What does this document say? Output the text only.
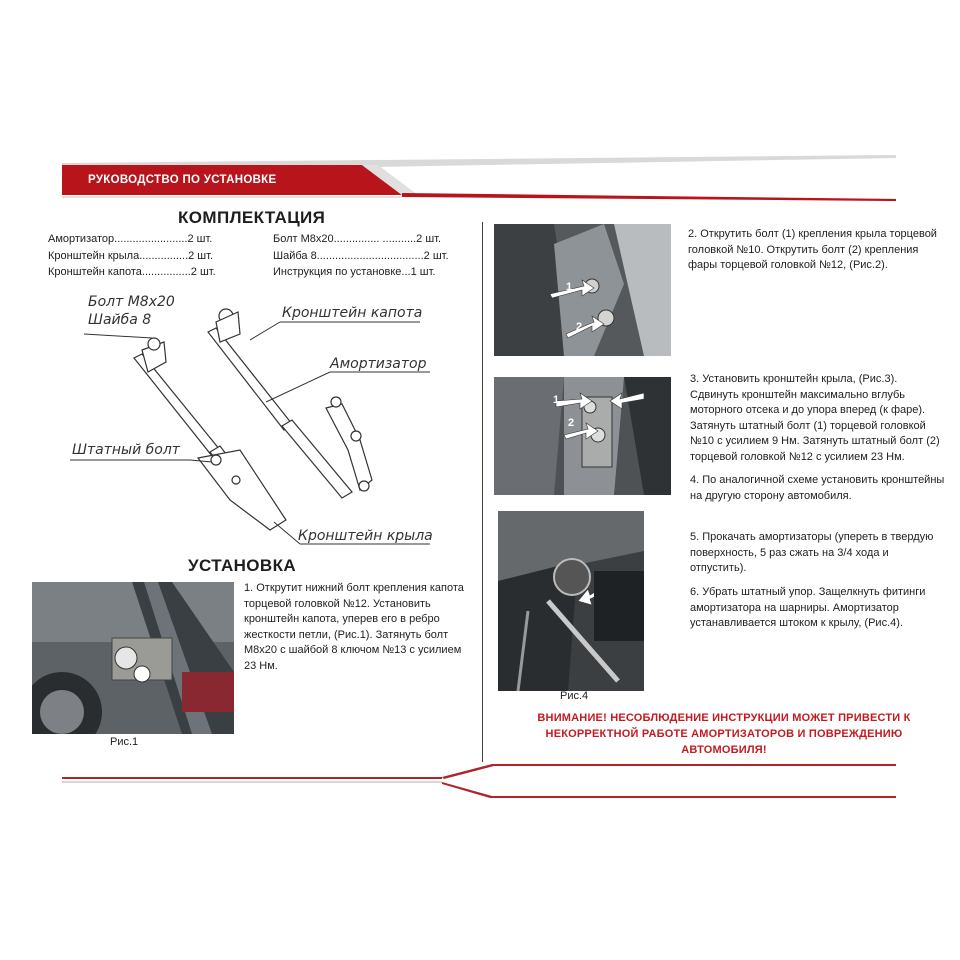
РУКОВОДСТВО ПО УСТАНОВКЕ
КОМПЛЕКТАЦИЯ
Амортизатор........................2 шт.
Кронштейн крыла................2 шт.
Кронштейн капота................2 шт.
Болт М8х20............... ...........2 шт.
Шайба 8...................................2 шт.
Инструкция по установке...1 шт.
Болт М8х20
Шайба 8	Кронштейн капота
Амортизатор
Штатный болт
Кронштейн крыла
УСТАНОВКА
Рис.1
1. Открутит нижний болт крепления капота торцевой головкой №12. Установить кронштейн капота, уперев его в ребро жесткости петли, (Рис.1). Затянуть болт М8х20 с шайбой 8 ключом №13 с усилием 23 Нм.
1
2
Рис.2
2. Открутить болт (1) крепления крыла торцевой головкой №10. Открутить болт (2) крепления фары торцевой головкой №12, (Рис.2).
1
2
Рис.3
3. Установить кронштейн крыла, (Рис.3). Сдвинуть кронштейн максимально вглубь моторного отсека и до упора вперед (к фаре). Затянуть штатный болт (1) торцевой головкой №10 с усилием 9 Нм. Затянуть штатный болт (2) торцевой головкой №12 с усилием 23 Нм.
4. По аналогичной схеме установить кронштейны на другую сторону автомобиля.
Рис.4
5. Прокачать амортизаторы (упереть в твердую поверхность, 5 раз сжать на 3/4 хода и отпустить).
6. Убрать штатный упор. Защелкнуть фитинги амортизатора на шарниры. Амортизатор устанавливается штоком к крылу, (Рис.4).
ВНИМАНИЕ! НЕСОБЛЮДЕНИЕ ИНСТРУКЦИИ МОЖЕТ ПРИВЕСТИ К
НЕКОРРЕКТНОЙ РАБОТЕ АМОРТИЗАТОРОВ И ПОВРЕЖДЕНИЮ
АВТОМОБИЛЯ!
